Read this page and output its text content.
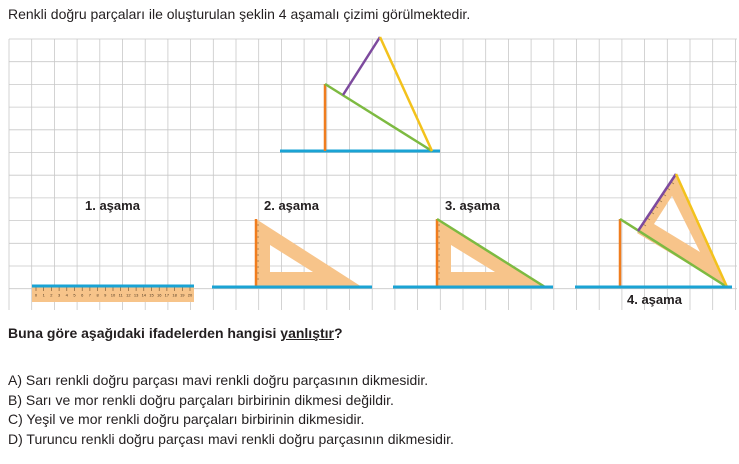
Renkli doğru parçaları ile oluşturulan şeklin 4 aşamalı çizimi görülmektedir.
1. aşama
0 1 2 3 4 5 6 7 8 9 10 11 12 13 14 15 16 17 18 19 20
2. aşama	3. aşama
4. aşama
Buna göre aşağıdaki ifadelerden hangisi yanlıştır?
A) Sarı renkli doğru parçası mavi renkli doğru parçasının dikmesidir.
B) Sarı ve mor renkli doğru parçaları birbirinin dikmesi değildir.
C) Yeşil ve mor renkli doğru parçaları birbirinin dikmesidir.
D) Turuncu renkli doğru parçası mavi renkli doğru parçasının dikmesidir.
